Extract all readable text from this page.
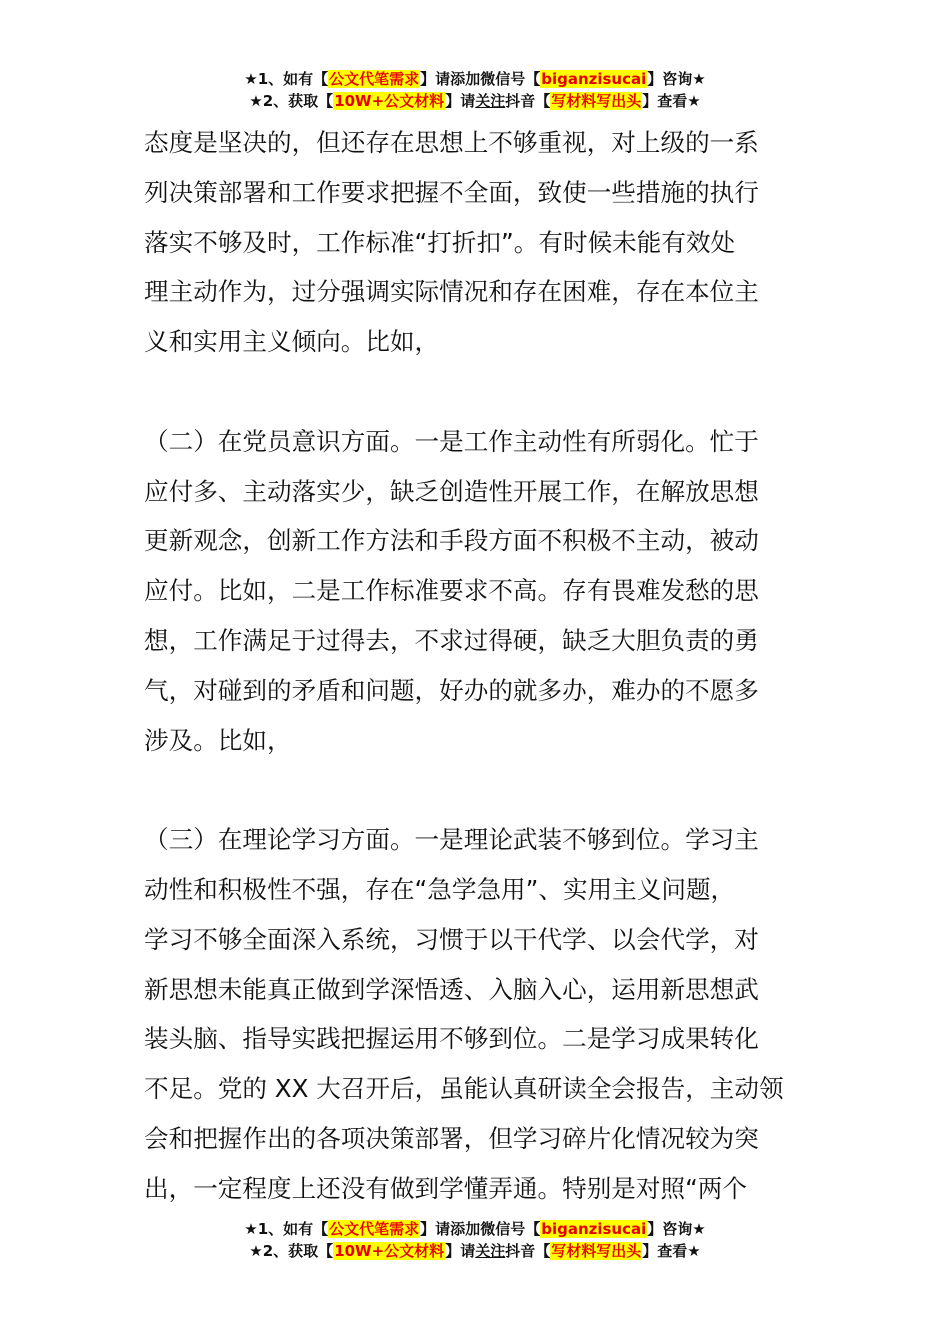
★1、如有【公文代笔需求】请添加微信号【biganzisucai】咨询★
★2、获取【10W+公文材料】请关注抖音【写材料写出头】查看★
态度是坚决的，但还存在思想上不够重视，对上级的一系
列决策部署和工作要求把握不全面，致使一些措施的执行
落实不够及时，工作标准“打折扣”。有时候未能有效处
理主动作为，过分强调实际情况和存在困难，存在本位主
义和实用主义倾向。比如，
（二）在党员意识方面。一是工作主动性有所弱化。忙于
应付多、主动落实少，缺乏创造性开展工作，在解放思想
更新观念，创新工作方法和手段方面不积极不主动，被动
应付。比如，二是工作标准要求不高。存有畏难发愁的思
想，工作满足于过得去，不求过得硬，缺乏大胆负责的勇
气，对碰到的矛盾和问题，好办的就多办，难办的不愿多
涉及。比如，
（三）在理论学习方面。一是理论武装不够到位。学习主
动性和积极性不强，存在“急学急用”、实用主义问题，
学习不够全面深入系统，习惯于以干代学、以会代学，对
新思想未能真正做到学深悟透、入脑入心，运用新思想武
装头脑、指导实践把握运用不够到位。二是学习成果转化
不足。党的 XX 大召开后，虽能认真研读全会报告，主动领
会和把握作出的各项决策部署，但学习碎片化情况较为突
出，一定程度上还没有做到学懂弄通。特别是对照“两个
★1、如有【公文代笔需求】请添加微信号【biganzisucai】咨询★
★2、获取【10W+公文材料】请关注抖音【写材料写出头】查看★
